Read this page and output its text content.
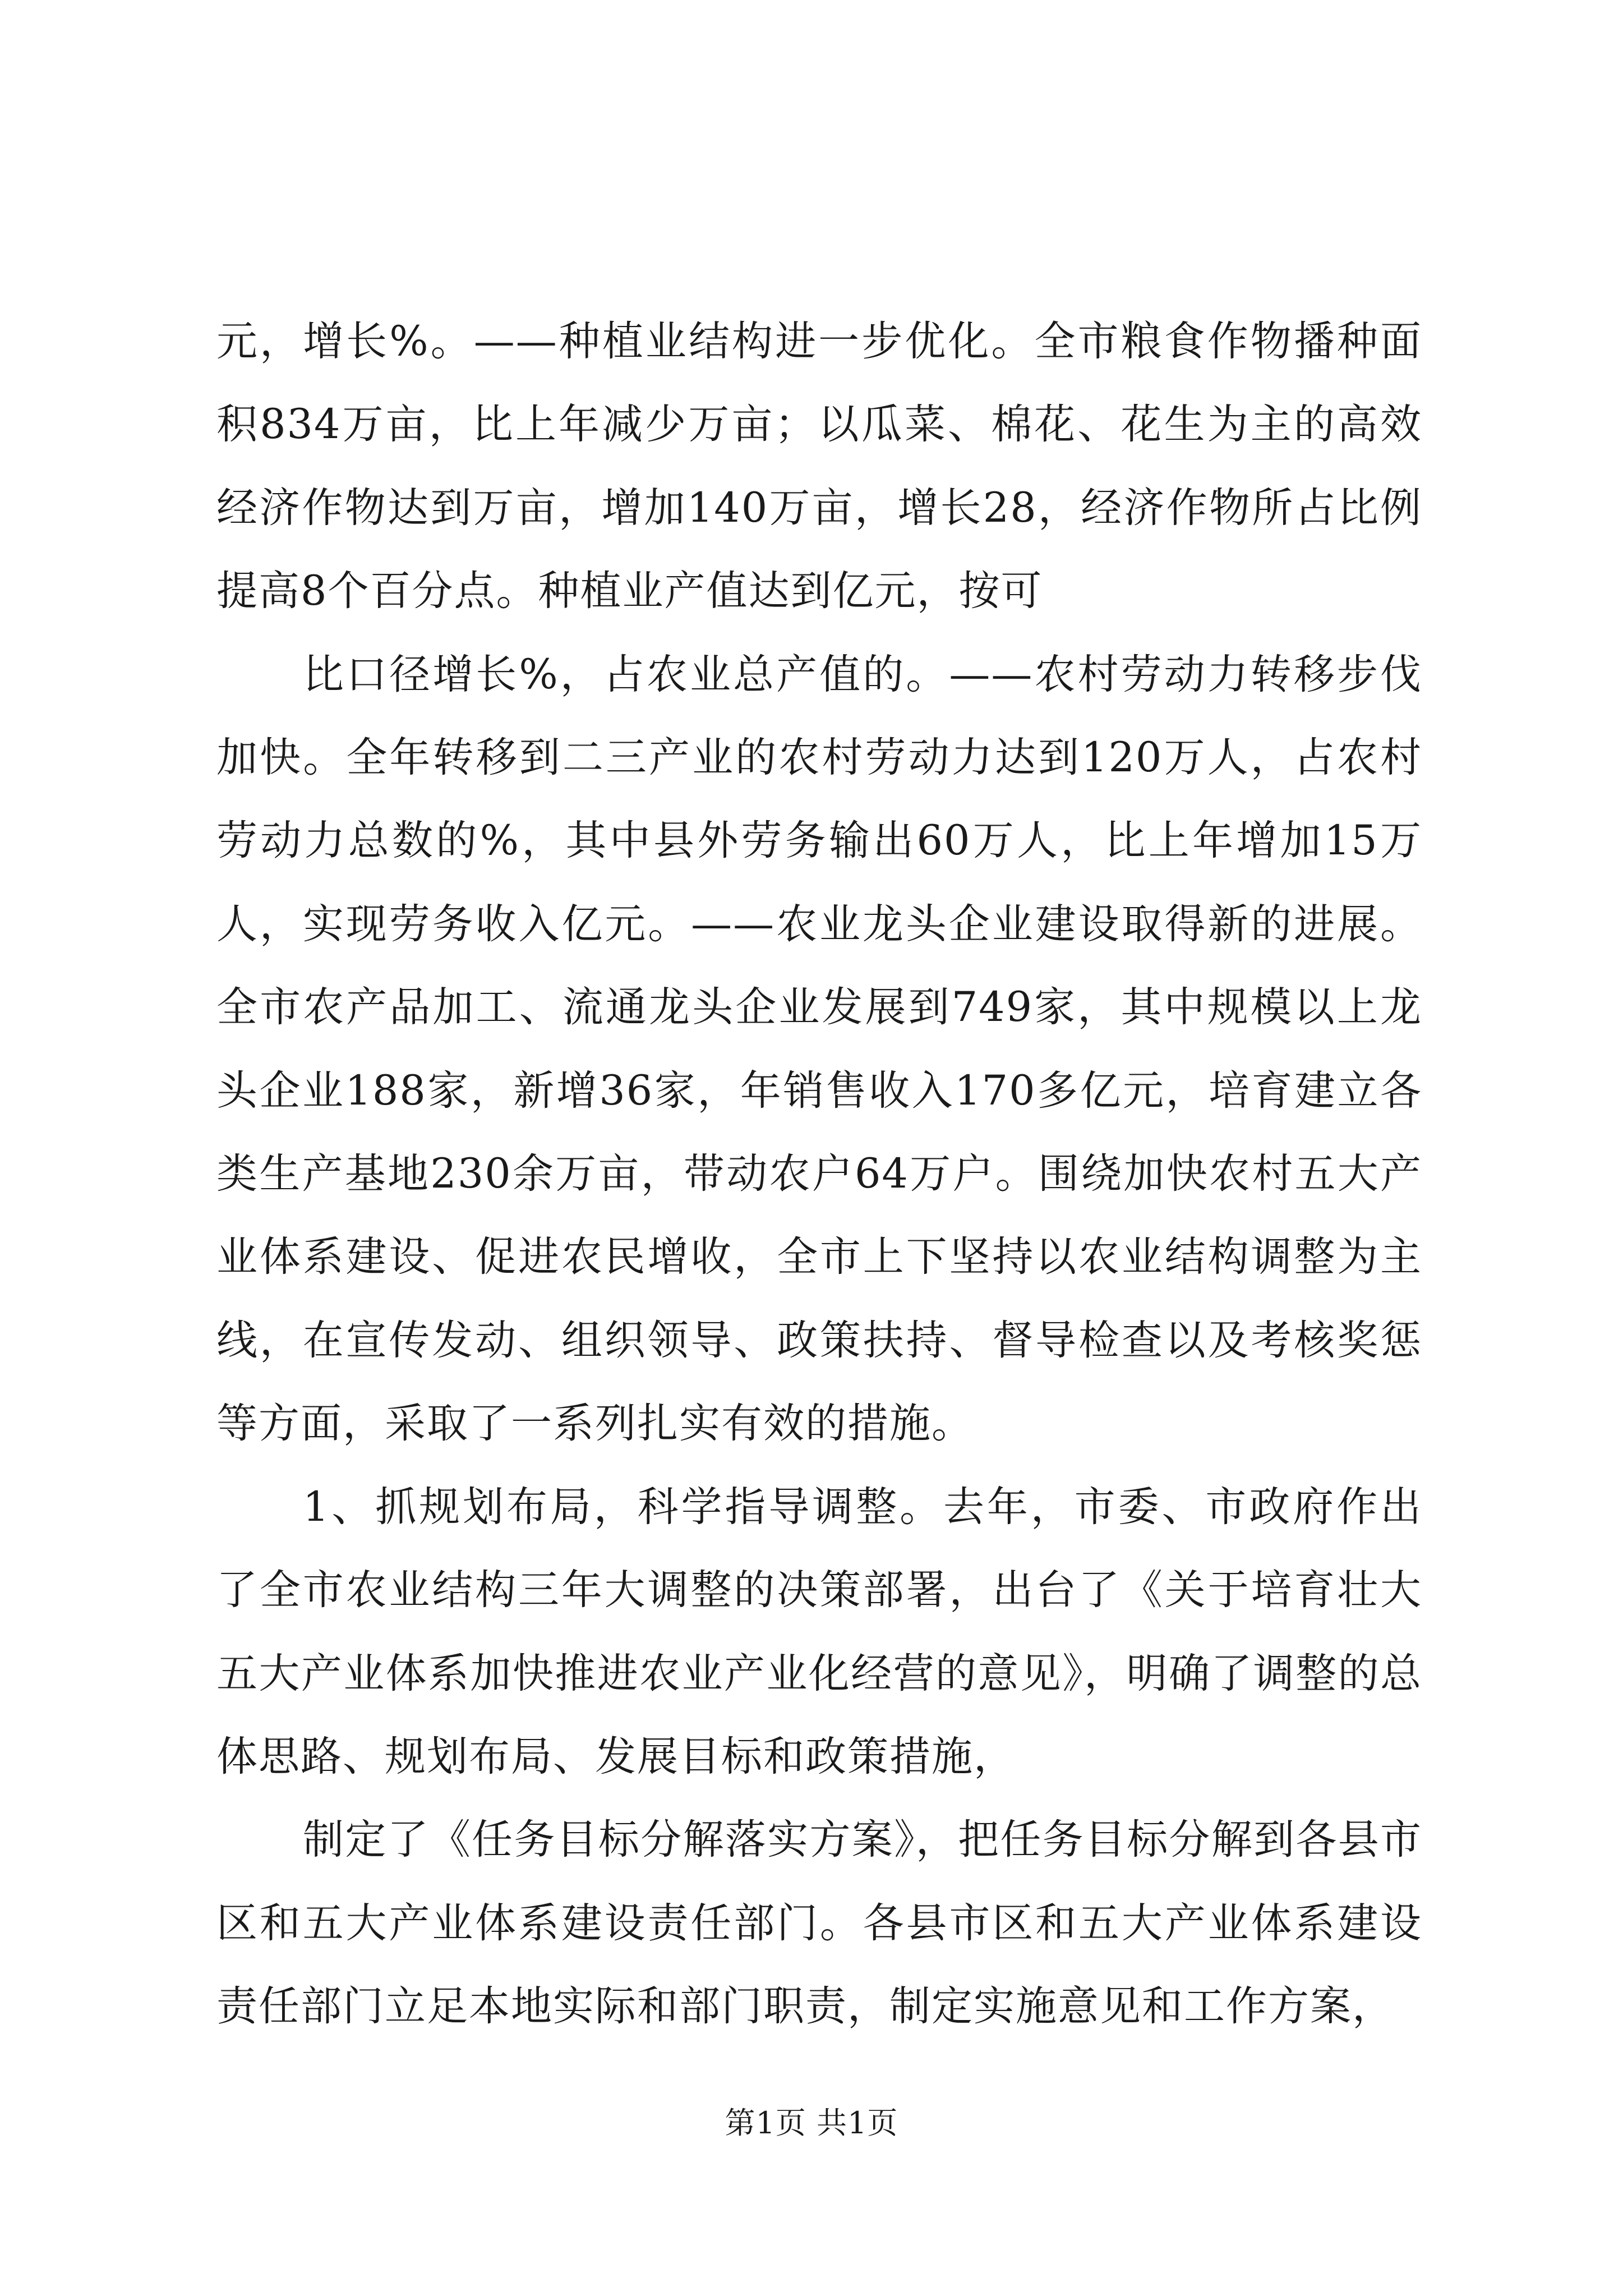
元，增长%。——种植业结构进一步优化。全市粮食作物播种面积834万亩，比上年减少万亩；以瓜菜、棉花、花生为主的高效经济作物达到万亩，增加140万亩，增长28，经济作物所占比例提高8个百分点。种植业产值达到亿元，按可

比口径增长%，占农业总产值的。——农村劳动力转移步伐加快。全年转移到二三产业的农村劳动力达到120万人，占农村劳动力总数的%，其中县外劳务输出60万人，比上年增加15万人，实现劳务收入亿元。——农业龙头企业建设取得新的进展。全市农产品加工、流通龙头企业发展到749家，其中规模以上龙头企业188家，新增36家，年销售收入170多亿元，培育建立各类生产基地230余万亩，带动农户64万户。围绕加快农村五大产业体系建设、促进农民增收，全市上下坚持以农业结构调整为主线，在宣传发动、组织领导、政策扶持、督导检查以及考核奖惩等方面，采取了一系列扎实有效的措施。

1、抓规划布局，科学指导调整。去年，市委、市政府作出了全市农业结构三年大调整的决策部署，出台了《关于培育壮大五大产业体系加快推进农业产业化经营的意见》，明确了调整的总体思路、规划布局、发展目标和政策措施，

制定了《任务目标分解落实方案》，把任务目标分解到各县市区和五大产业体系建设责任部门。各县市区和五大产业体系建设责任部门立足本地实际和部门职责，制定实施意见和工作方案，

第1页 共1页
